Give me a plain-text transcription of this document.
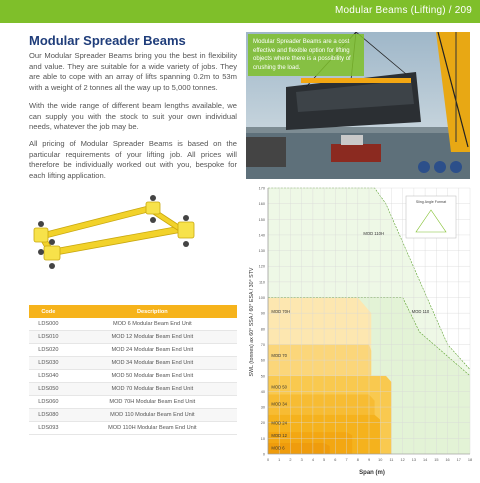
Modular Beams (Lifting) / 209
Modular Spreader Beams

Our Modular Spreader Beams bring you the best in flexibility and value. They are suitable for a wide variety of jobs. They are able to cope with an array of lifts spanning 0.2m to 53m with a weight of 2 tonnes all the way up to 5,000 tonnes.

With the wide range of different beam lengths available, we can supply you with the stock to suit your own individual needs, whatever the job may be.

All pricing of Modular Spreader Beams is based on the particular requirements of your lifting job. All prices will therefore be individually worked out with you, bespoke for each lifting application.

Modular Spreader Beams are a cost effective and flexible option for lifting objects where there is a possibility of crushing the load.
Code	Description
LDS000	MOD 6 Modular Beam End Unit
LDS010	MOD 12 Modular Beam End Unit
LDS020	MOD 24 Modular Beam End Unit
LDS030	MOD 34 Modular Beam End Unit
LDS040	MOD 50 Modular Beam End Unit
LDS050	MOD 70 Modular Beam End Unit
LDS060	MOD 70H Modular Beam End Unit
LDS080	MOD 110 Modular Beam End Unit
LDS093	MOD 110H Modular Beam End Unit
0
10
20
30
40
50
60
70
80
90
100
110
120
130
140
150
160
170
0 1 2 3 4 5 6 7 8 9 10 11 12 13 14 15 16 17 18
MOD 110H
MOD 70H	MOD 110
MOD 70
MOD 50
MOD 34
MOD 24
MOD 12
MOD 6
Sling Angle Format
SWL (tonnes) ax 60° SSA / 60° ESA / 30° STV
Span (m)
